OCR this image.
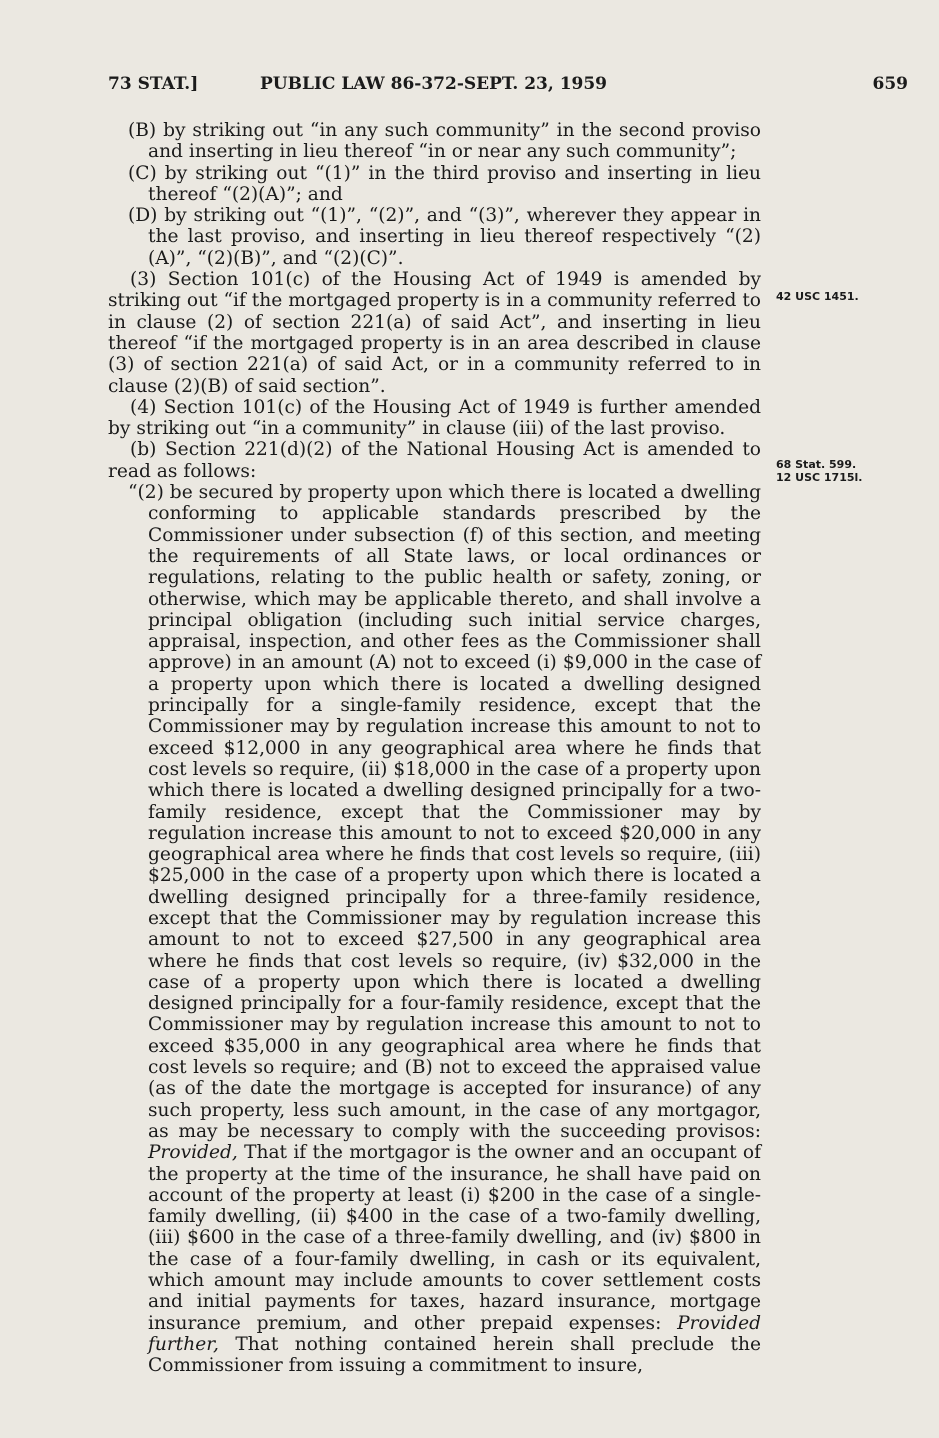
73 STAT.]	PUBLIC LAW 86-372-SEPT. 23, 1959	659
42 USC 1451.
68 Stat. 599.
12 USC 1715l.

(B) by striking out “in any such community” in the second proviso and inserting in lieu thereof “in or near any such community”;

(C) by striking out “(1)” in the third proviso and inserting in lieu thereof “(2)(A)”; and

(D) by striking out “(1)”, “(2)”, and “(3)”, wherever they appear in the last proviso, and inserting in lieu thereof respectively “(2)(A)”, “(2)(B)”, and “(2)(C)”.

(3) Section 101(c) of the Housing Act of 1949 is amended by striking out “if the mortgaged property is in a community referred to in clause (2) of section 221(a) of said Act”, and inserting in lieu thereof “if the mortgaged property is in an area described in clause (3) of section 221(a) of said Act, or in a community referred to in clause (2)(B) of said section”.

(4) Section 101(c) of the Housing Act of 1949 is further amended by striking out “in a community” in clause (iii) of the last proviso.

(b) Section 221(d)(2) of the National Housing Act is amended to read as follows:

“(2) be secured by property upon which there is located a dwelling conforming to applicable standards prescribed by the Commissioner under subsection (f) of this section, and meeting the requirements of all State laws, or local ordinances or regulations, relating to the public health or safety, zoning, or otherwise, which may be applicable thereto, and shall involve a principal obligation (including such initial service charges, appraisal, inspection, and other fees as the Commissioner shall approve) in an amount (A) not to exceed (i) $9,000 in the case of a property upon which there is located a dwelling designed principally for a single-family residence, except that the Commissioner may by regulation increase this amount to not to exceed $12,000 in any geographical area where he finds that cost levels so require, (ii) $18,000 in the case of a property upon which there is located a dwelling designed principally for a two-family residence, except that the Commissioner may by regulation increase this amount to not to exceed $20,000 in any geographical area where he finds that cost levels so require, (iii) $25,000 in the case of a property upon which there is located a dwelling designed principally for a three-family residence, except that the Commissioner may by regulation increase this amount to not to exceed $27,500 in any geographical area where he finds that cost levels so require, (iv) $32,000 in the case of a property upon which there is located a dwelling designed principally for a four-family residence, except that the Commissioner may by regulation increase this amount to not to exceed $35,000 in any geographical area where he finds that cost levels so require; and (B) not to exceed the appraised value (as of the date the mortgage is accepted for insurance) of any such property, less such amount, in the case of any mortgagor, as may be necessary to comply with the succeeding provisos: Provided, That if the mortgagor is the owner and an occupant of the property at the time of the insurance, he shall have paid on account of the property at least (i) $200 in the case of a single-family dwelling, (ii) $400 in the case of a two-family dwelling, (iii) $600 in the case of a three-family dwelling, and (iv) $800 in the case of a four-family dwelling, in cash or its equivalent, which amount may include amounts to cover settlement costs and initial payments for taxes, hazard insurance, mortgage insurance premium, and other prepaid expenses: Provided further, That nothing contained herein shall preclude the Commissioner from issuing a commitment to insure,
